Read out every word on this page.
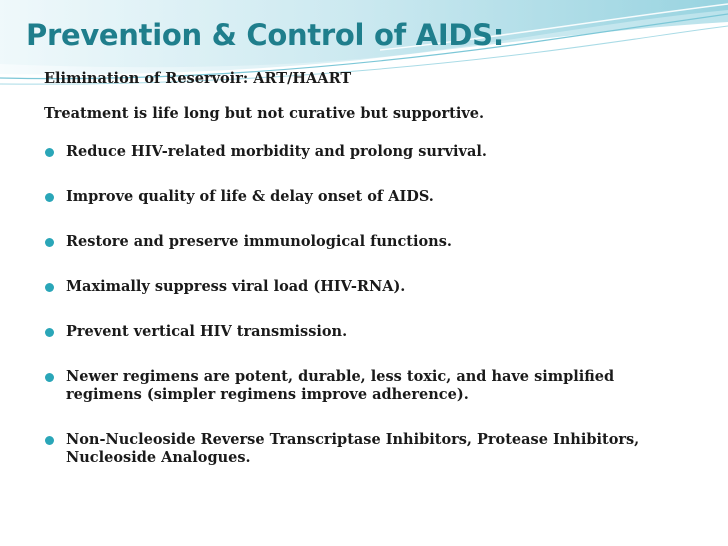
Prevention & Control of AIDS:

Elimination of Reservoir: ART/HAART

Treatment is life long but not curative but supportive.

Reduce HIV-related morbidity and prolong survival.
Improve quality of life & delay onset of AIDS.
Restore and preserve immunological functions.
Maximally suppress viral load (HIV-RNA).
Prevent vertical HIV transmission.
Newer regimens are potent, durable, less toxic, and have simplified regimens (simpler regimens improve adherence).
Non-Nucleoside Reverse Transcriptase Inhibitors, Protease Inhibitors, Nucleoside Analogues.
